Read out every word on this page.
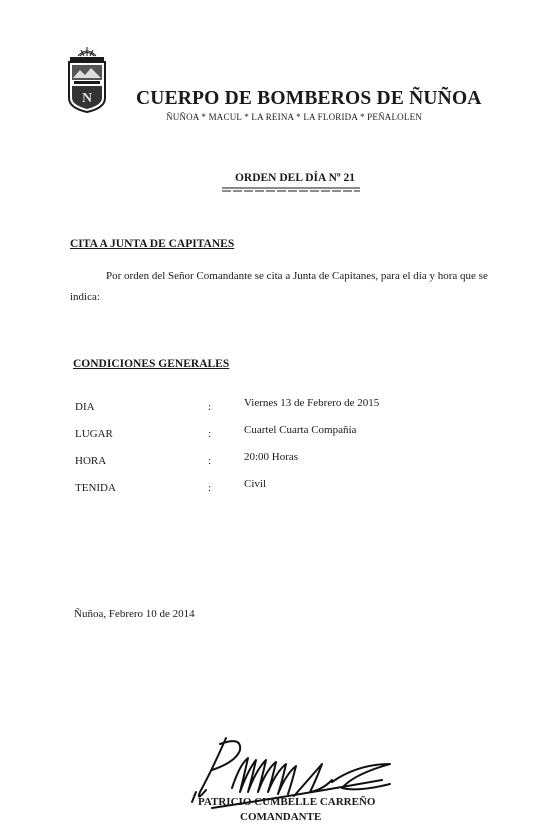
N CUERPO DE BOMBEROS DE ÑUÑOA
ÑUÑOA * MACUL * LA REINA * LA FLORIDA * PEÑALOLEN
ORDEN DEL DÍA Nº 21
CITA A JUNTA DE CAPITANES
Por orden del Señor Comandante se cita a Junta de Capitanes, para el día y hora que se indica:
CONDICIONES GENERALES
DIA	:	Viernes 13 de Febrero de 2015
LUGAR	:	Cuartel Cuarta Compañía
HORA	:	20:00 Horas
TENIDA	:	Civil
Ñuñoa, Febrero 10 de 2014
PATRICIO CUMBELLE CARREÑO
COMANDANTE
